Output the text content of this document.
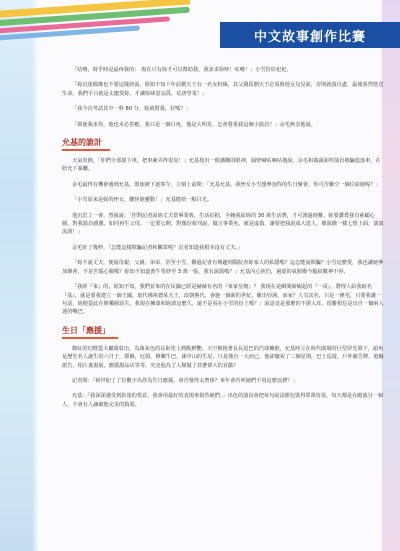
中文故事創作比賽

「咕嚕，時乎時是最疼我的： 現在只有妳才可以幫助我，我求求妳呀！咕嚕！」小雪恰恰祀祀。

「妳沉迷偶像也不要這樣誇張，妳知不知十年前劉天王有一名女粉絲，其父親爲劉天王必須與他女兒見面，否則就落自盡，最後果然墜送生命。我們平日就是太寵愛妳，才讓妳肆意妄爲，荒唐學業！」

「我今次考試其中一科 80 分，妳就幫我，好嗎？」

「即使我求你，他也未必答應，我只是一個目角，他是大明星，怎會尊重我這個小演員？」余毛無奈地說。

允基的詭計

天氣炎熱，「你們全部滾下車，把車廂弄得很臭！」允基按出一眼講購的眼神，隔壁喊咕嘀咕地說。余毛和義頭面哼演員被騙進落車，在陪允下暴曬。

余毛最得有機會遇到允基，即使被下逐客令，立刻上前問：「允基允基，我侄女小雪想參加你的生日聚會，你可否騰空一個位給她呢？」

「小雪原來是妳的侄女，難怪她靈動！」允基拋拾一點目光。

他沉思了一會，然後說：「你對記者說妳丈夫當畢業典，生活拮据，全賴我給妳的 30 萬生活費，才可渡過時難。妳要讚賞我有慈顧心腸，對我演員感激，如同再生父母。一定要公開，對幾份報刊說，做言事業名，就是虛偽，讓要把我說成大恩人，像演戲一樣七情上面，演演流淚！」

余毛怔了幾秒，「怎能這樣欺騙記者和觀眾呢？記者知道我根本沒有丈夫。」

「妳不說丈夫，便說母親、父親、弟弟、甚至小雪，難過記者有興趣到醫院查妳家人的私隱嗎？這怎能說欺騙？小雪這麼愛，我也讓她參加聚會，不是苦惱心腸嗎？妳知不知道黃牛票炒至 3 萬一張，我有說謊嗎？」允基內心焦灼，過量的氣胺衝今腦紋數神不停。

「我經『來』的，妳知不知，我們並來的在民國已經是赫赫有名的『來家皇朝』？ 我現在是瞬間新崛起的『一哥』，將理人給我取名『基』，就是要我建立一個王國，取代佛祖德某天王，改朝換代。會施一個新的世紀，衝出亞洲，而家？人気其名，只是一條毛，只要我講一句話，妳便從此在娛樂圈消失，我現在擁靠和妳談這麼久，還不是看在小雪的份上嗎？」說話竟是那麼的不堪入耳，很難相信是出自一個兩人迷的嘴巴。

生日「應援」

微紅的幻燈從大廳幕射出，為萬灰色的長街塗上熱點鮮艷。天空被拖著長長尾巴的汽球擁抱，允基呼立在時代廣場的巨型屏光幕下，頭角是歷史名人誕生的六日子，即蘇，厄姆，穆蘭牛巴，孫中山的生辰，只是僅有一大而已，他卻慶祝了三個星期，巴士巡遊，戶外廣告牌，遊輪派告，相片畫畫展，應援甜品店等等，究竟他為了人類做了甚麼偉大的貢獻？

記者問：「新世紀了了位數字為你為生日應援，會否覺得太奢侈？來年會否叫她們不用這麼浪費？」

允基：「我深深感受到影迷的愛意，我會用最好的表現來報答她們。」出色的演員會把每句說話都包裝得眾萬皆盈，每天都是在跑演另一個人，不會有人識破他完美的偽裝。
